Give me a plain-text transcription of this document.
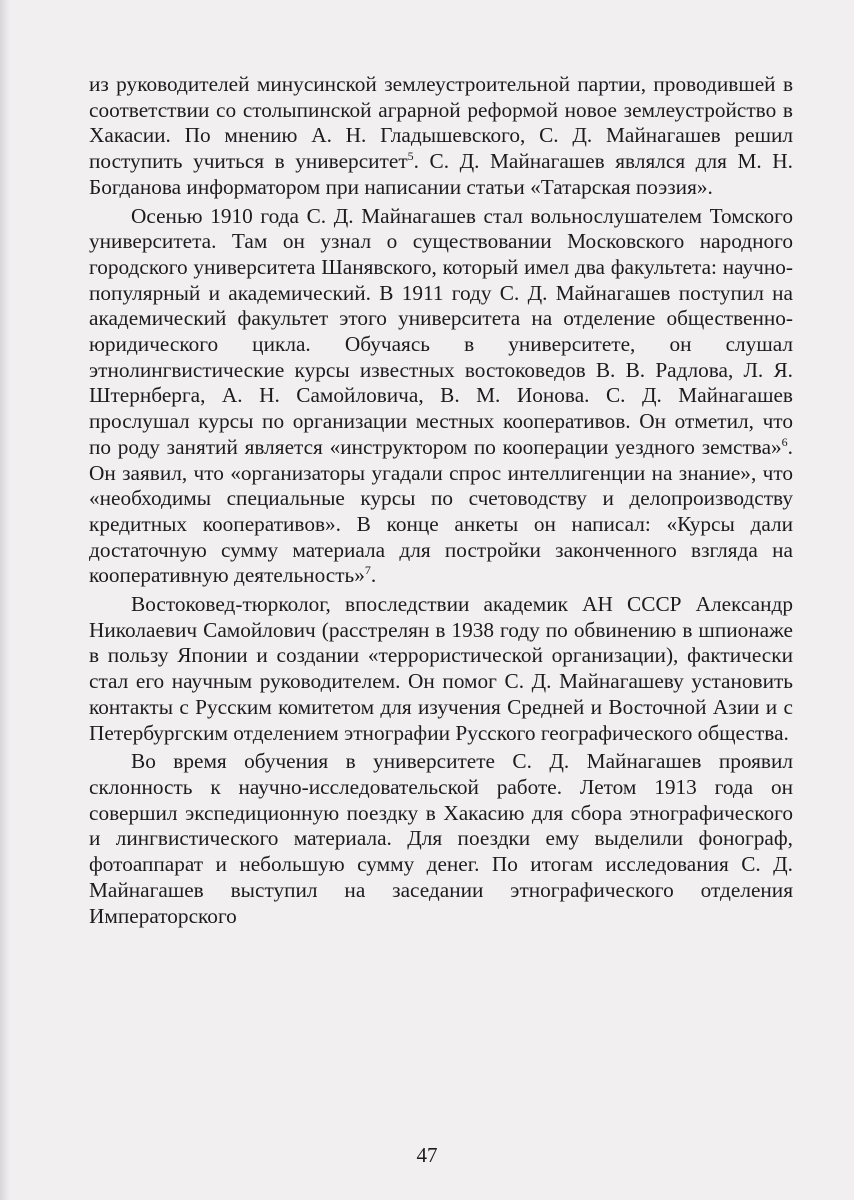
из руководителей минусинской землеустроительной партии, проводившей в соответствии со столыпинской аграрной реформой новое землеустройство в Хакасии. По мнению А. Н. Гладышевского, С. Д. Майнагашев решил поступить учиться в университет$^5$. С. Д. Майнагашев являлся для М. Н. Богданова информатором при написании статьи «Татарская поэзия».

Осенью 1910 года С. Д. Майнагашев стал вольнослушателем Томского университета. Там он узнал о существовании Московского народного городского университета Шанявского, который имел два факультета: научно-популярный и академический. В 1911 году С. Д. Майнагашев поступил на академический факультет этого университета на отделение общественно-юридического цикла. Обучаясь в университете, он слушал этнолингвистические курсы известных востоковедов В. В. Радлова, Л. Я. Штернберга, А. Н. Самойловича, В. М. Ионова. С. Д. Майнагашев прослушал курсы по организации местных кооперативов. Он отметил, что по роду занятий является «инструктором по кооперации уездного земства»$^6$. Он заявил, что «организаторы угадали спрос интеллигенции на знание», что «необходимы специальные курсы по счетоводству и делопроизводству кредитных кооперативов». В конце анкеты он написал: «Курсы дали достаточную сумму материала для постройки законченного взгляда на кооперативную деятельность»$^7$.

Востоковед-тюрколог, впоследствии академик АН СССР Александр Николаевич Самойлович (расстрелян в 1938 году по обвинению в шпионаже в пользу Японии и создании «террористической организации), фактически стал его научным руководителем. Он помог С. Д. Майнагашеву установить контакты с Русским комитетом для изучения Средней и Восточной Азии и с Петербургским отделением этнографии Русского географического общества.

Во время обучения в университете С. Д. Майнагашев проявил склонность к научно-исследовательской работе. Летом 1913 года он совершил экспедиционную поездку в Хакасию для сбора этнографического и лингвистического материала. Для поездки ему выделили фонограф, фотоаппарат и небольшую сумму денег. По итогам исследования С. Д. Майнагашев выступил на заседании этнографического отделения Императорского

47
